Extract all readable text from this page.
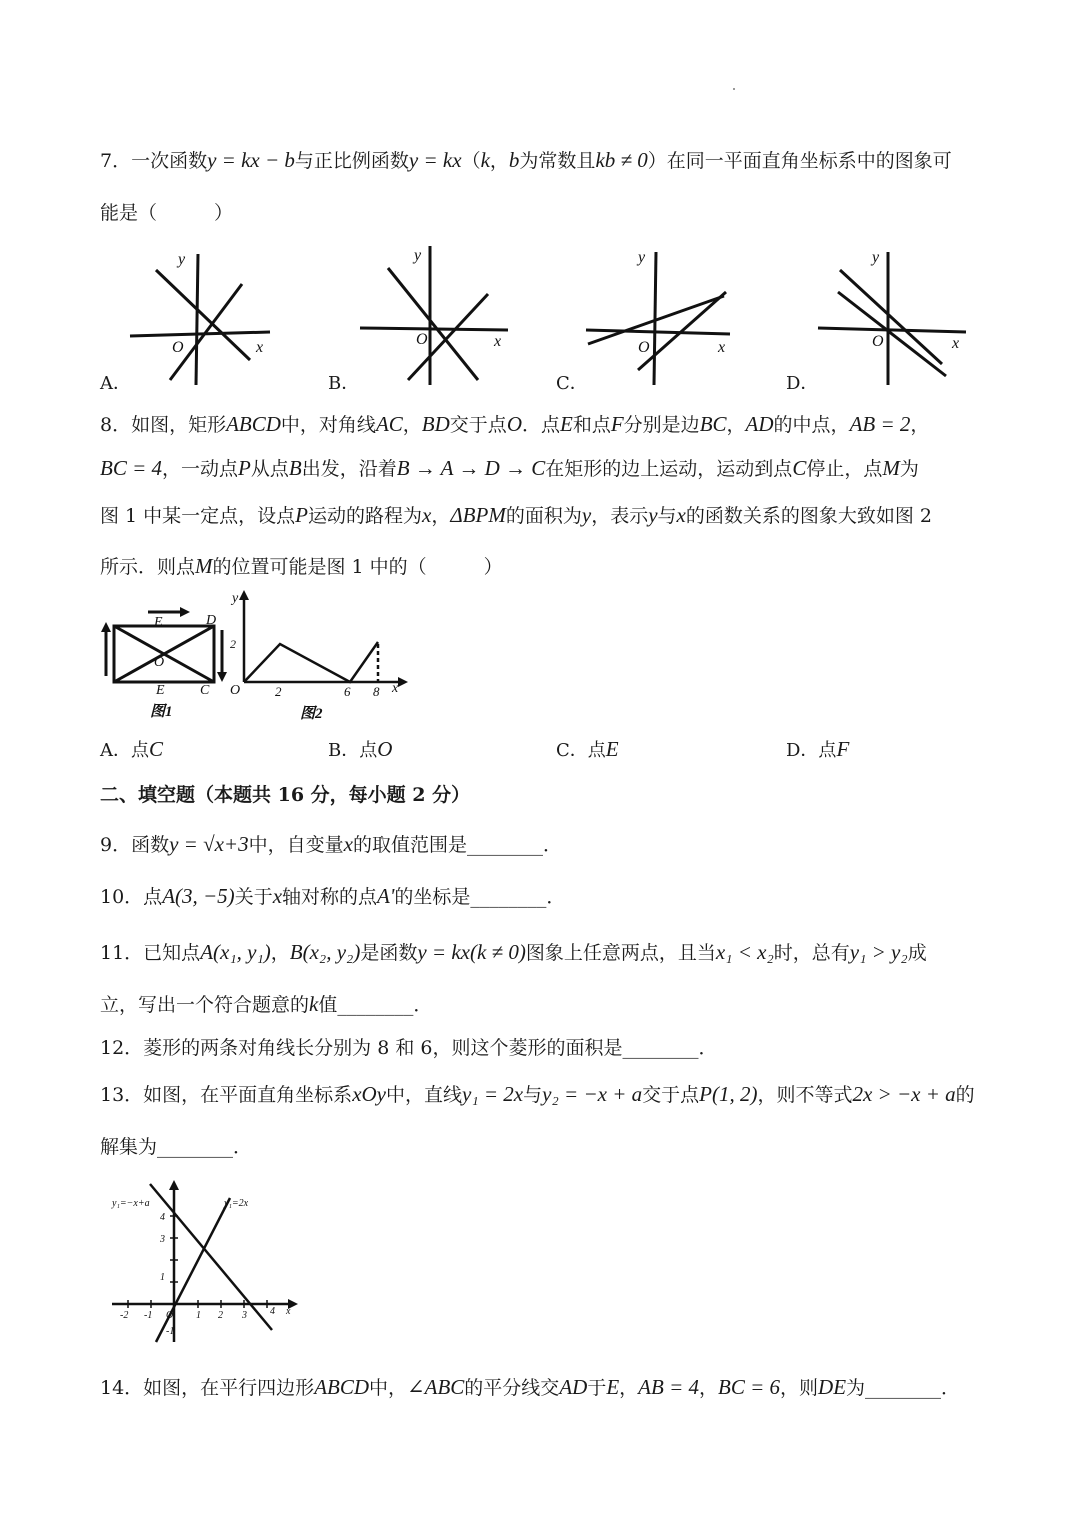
7．一次函数y = kx − b与正比例函数y = kx（k，b为常数且kb ≠ 0）在同一平面直角坐标系中的图象可
能是（　　　）
y
x
O
y
x
O
y
x
O
y
x
O
A．	B．	C．	D．
8．如图，矩形ABCD中，对角线AC，BD交于点O．点E和点F分别是边BC，AD的中点，AB = 2，
BC = 4，一动点P从点B出发，沿着B → A → D → C在矩形的边上运动，运动到点C停止，点M为
图 1 中某一定点，设点P运动的路程为x，ΔBPM的面积为y，表示y与x的函数关系的图象大致如图 2
所示．则点M的位置可能是图 1 中的（　　　）
E	D
O
E	C
图1
y
2
O	2	6 8 x
图2
A．点C	B．点O	C．点E	D．点F
二、填空题（本题共 16 分，每小题 2 分）
9．函数y = √x+3中，自变量x的取值范围是________．
10．点A(3, −5)关于x轴对称的点A'的坐标是________．
11．已知点A(x₁, y₁)，B(x₂, y₂)是函数y = kx(k ≠ 0)图象上任意两点，且当x₁ < x₂时，总有y₁ > y₂成
立，写出一个符合题意的k值________．
12．菱形的两条对角线长分别为 8 和 6，则这个菱形的面积是________．
13．如图，在平面直角坐标系xOy中，直线y₁ = 2x与y₂ = −x + a交于点P(1, 2)，则不等式2x > −x + a的
解集为________．
y₁=−x+a	y₁=2x
1
3
4
-2 -1 O 1 2 3 4 x
-1
14．如图，在平行四边形ABCD中，∠ABC的平分线交AD于E，AB = 4，BC = 6，则DE为________．
